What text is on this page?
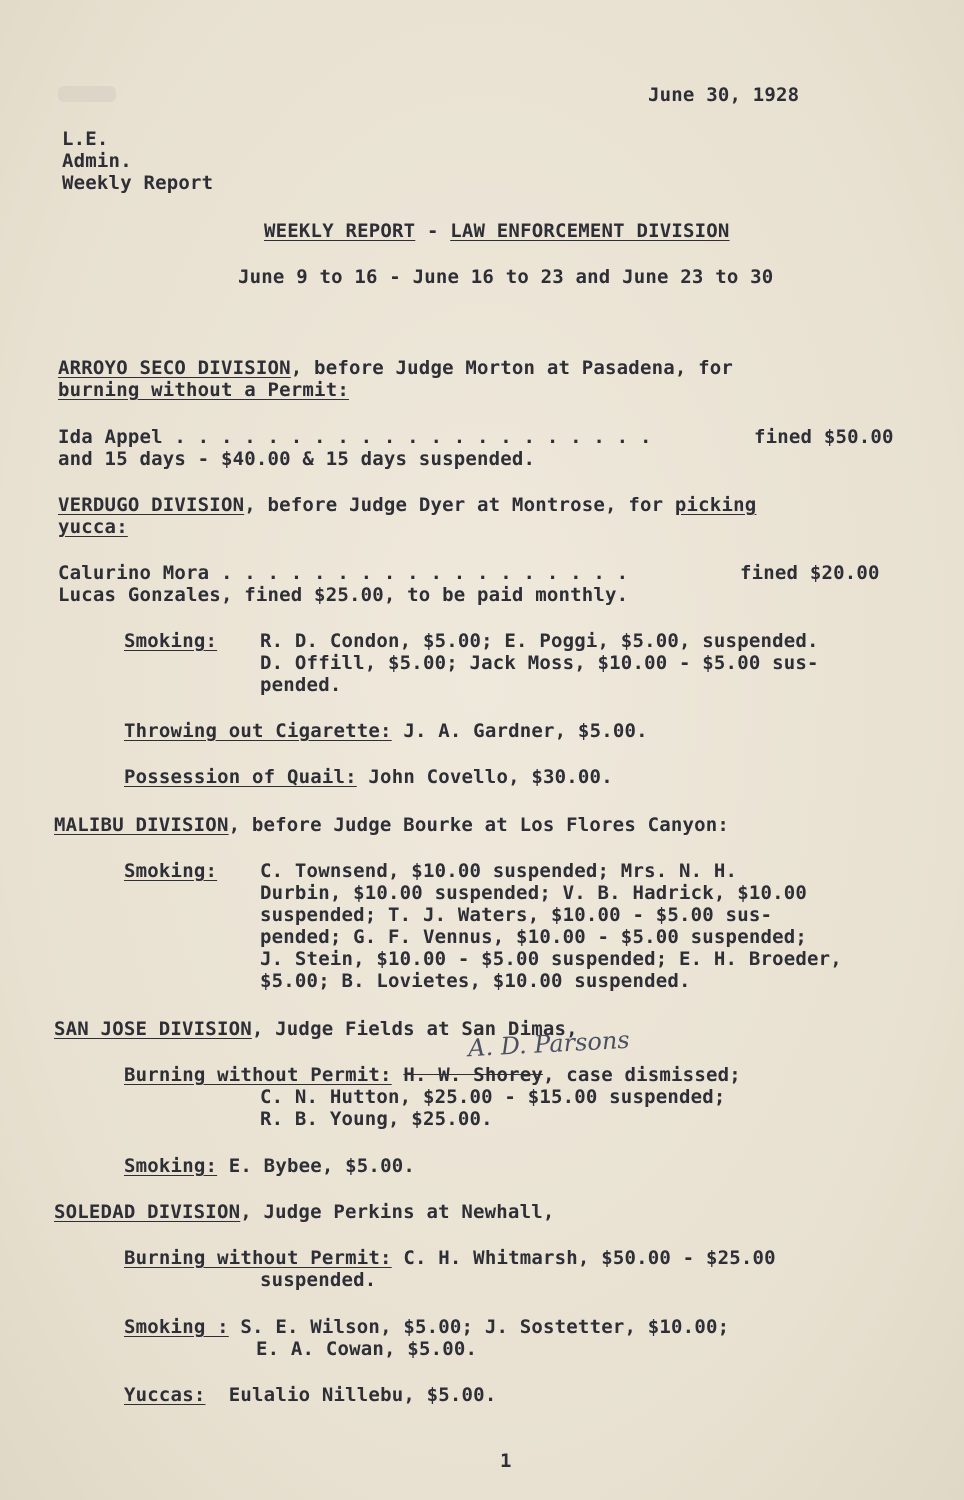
June 30, 1928
L.E.
Admin.
Weekly Report
WEEKLY REPORT - LAW ENFORCEMENT DIVISION
June 9 to 16 - June 16 to 23 and June 23 to 30
ARROYO SECO DIVISION, before Judge Morton at Pasadena, for
burning without a Permit:
Ida Appel . . . . . . . . . . . . . . . . . . . . .	fined $50.00
and 15 days - $40.00 & 15 days suspended.
VERDUGO DIVISION, before Judge Dyer at Montrose, for picking
yucca:
Calurino Mora . . . . . . . . . . . . . . . . . .	fined $20.00
Lucas Gonzales, fined $25.00, to be paid monthly.
Smoking: R. D. Condon, $5.00; E. Poggi, $5.00, suspended.
D. Offill, $5.00; Jack Moss, $10.00 - $5.00 sus-
pended.
Throwing out Cigarette: J. A. Gardner, $5.00.
Possession of Quail: John Covello, $30.00.
MALIBU DIVISION, before Judge Bourke at Los Flores Canyon:
Smoking: C. Townsend, $10.00 suspended; Mrs. N. H.
Durbin, $10.00 suspended; V. B. Hadrick, $10.00
suspended; T. J. Waters, $10.00 - $5.00 sus-
pended; G. F. Vennus, $10.00 - $5.00 suspended;
J. Stein, $10.00 - $5.00 suspended; E. H. Broeder,
$5.00; B. Lovietes, $10.00 suspended.
SAN JOSE DIVISION, Judge Fields at San Dimas,
A. D. Parsons
Burning without Permit: H. W. Shorey, case dismissed;
C. N. Hutton, $25.00 - $15.00 suspended;
R. B. Young, $25.00.
Smoking: E. Bybee, $5.00.
SOLEDAD DIVISION, Judge Perkins at Newhall,
Burning without Permit: C. H. Whitmarsh, $50.00 - $25.00
suspended.
Smoking : S. E. Wilson, $5.00; J. Sostetter, $10.00;
E. A. Cowan, $5.00.
Yuccas:  Eulalio Nillebu, $5.00.
1
